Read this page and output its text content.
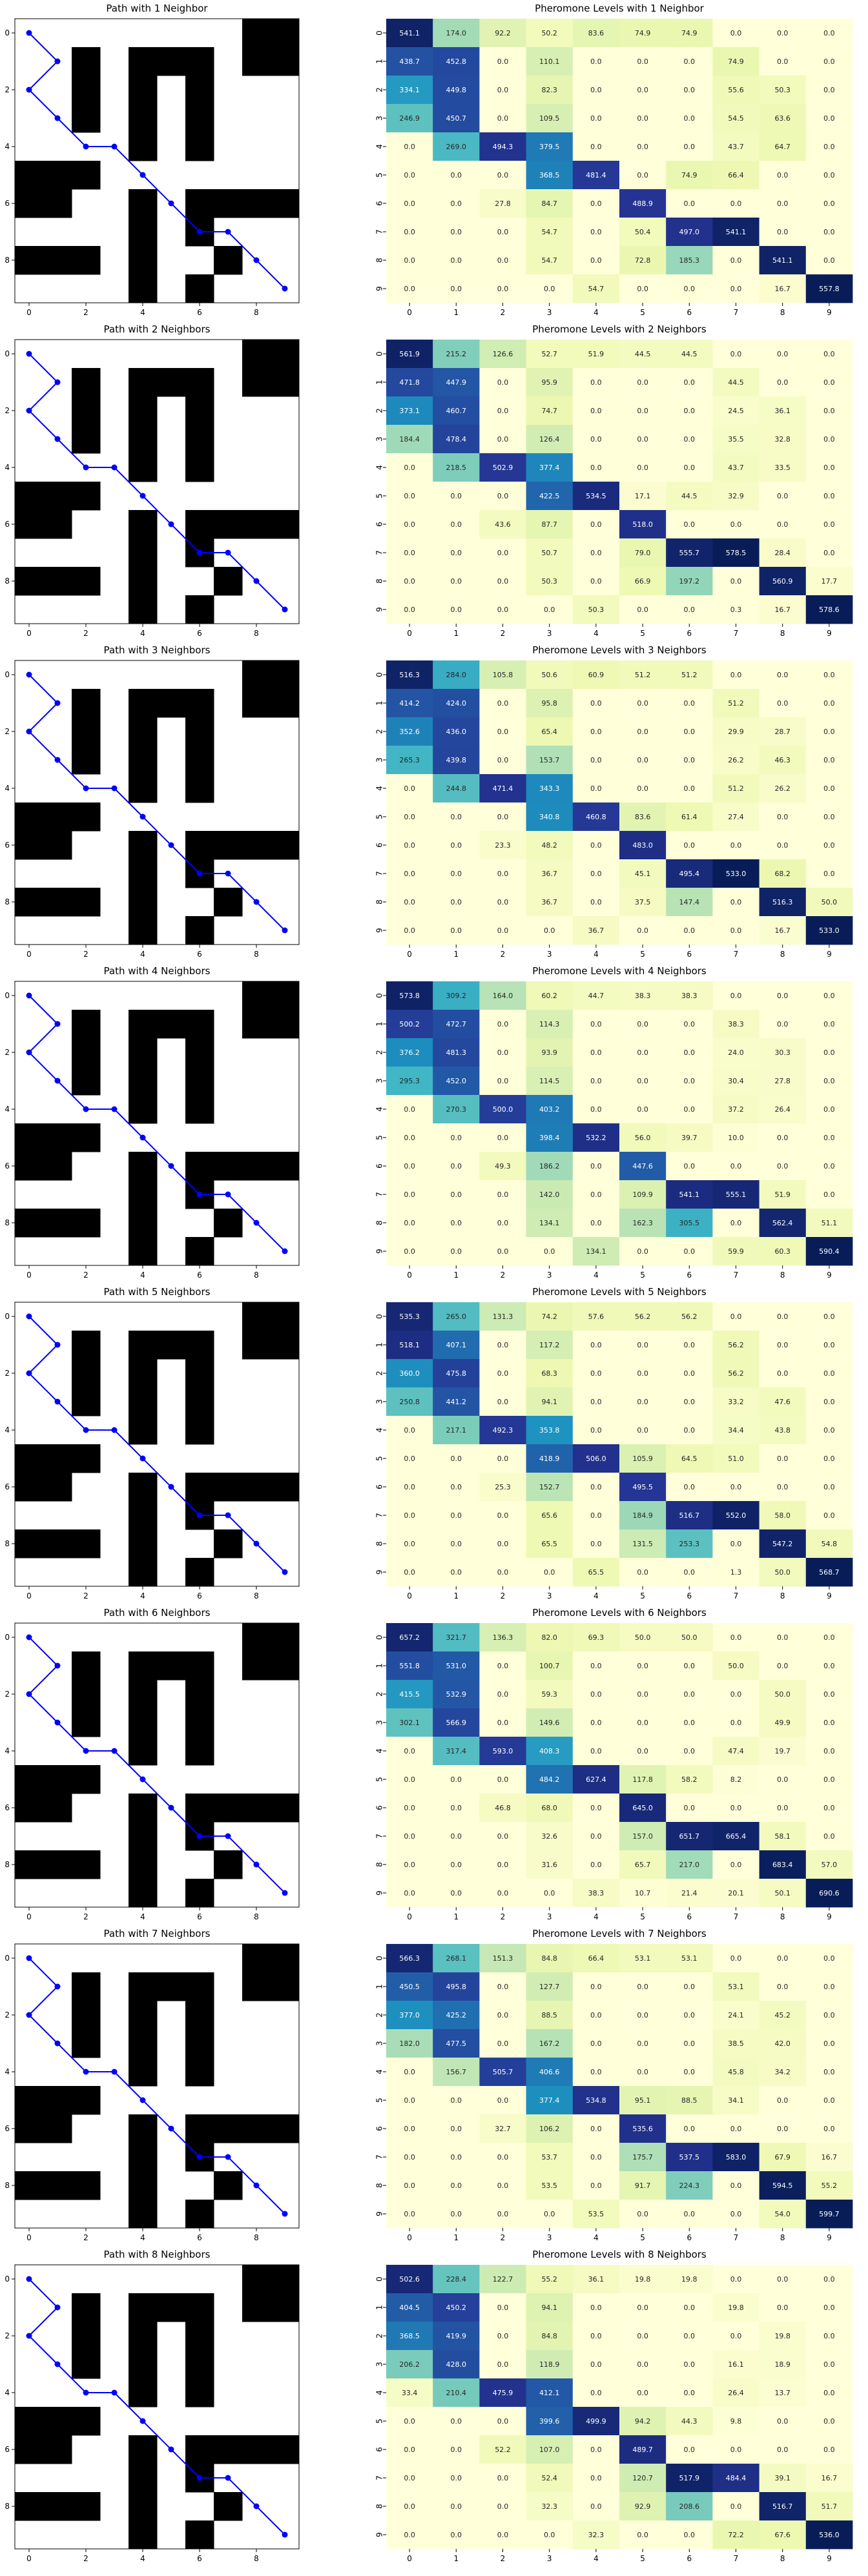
Path with 1 Neighbor
0
0
2
2
4
4
6
6
8
8
Pheromone Levels with 1 Neighbor
541.1	174.0	92.2	50.2	83.6	74.9	74.9	0.0	0.0	0.0
438.7	452.8	0.0	110.1	0.0	0.0	0.0	74.9	0.0	0.0
334.1	449.8	0.0	82.3	0.0	0.0	0.0	55.6	50.3	0.0
246.9	450.7	0.0	109.5	0.0	0.0	0.0	54.5	63.6	0.0
0.0	269.0	494.3	379.5	0.0	0.0	0.0	43.7	64.7	0.0
0.0	0.0	0.0	368.5	481.4	0.0	74.9	66.4	0.0	0.0
0.0	0.0	27.8	84.7	0.0	488.9	0.0	0.0	0.0	0.0
0.0	0.0	0.0	54.7	0.0	50.4	497.0	541.1	0.0	0.0
0.0	0.0	0.0	54.7	0.0	72.8	185.3	0.0	541.1	0.0
0.0	0.0	0.0	0.0	54.7	0.0	0.0	0.0	16.7	557.8
0	1	2	3	4	5	6	7	8	9
0
1
2
3
4
5
6
7
8
9
Path with 2 Neighbors
0
0
2
2
4
4
6
6
8
8
Pheromone Levels with 2 Neighbors
561.9	215.2	126.6	52.7	51.9	44.5	44.5	0.0	0.0	0.0
471.8	447.9	0.0	95.9	0.0	0.0	0.0	44.5	0.0	0.0
373.1	460.7	0.0	74.7	0.0	0.0	0.0	24.5	36.1	0.0
184.4	478.4	0.0	126.4	0.0	0.0	0.0	35.5	32.8	0.0
0.0	218.5	502.9	377.4	0.0	0.0	0.0	43.7	33.5	0.0
0.0	0.0	0.0	422.5	534.5	17.1	44.5	32.9	0.0	0.0
0.0	0.0	43.6	87.7	0.0	518.0	0.0	0.0	0.0	0.0
0.0	0.0	0.0	50.7	0.0	79.0	555.7	578.5	28.4	0.0
0.0	0.0	0.0	50.3	0.0	66.9	197.2	0.0	560.9	17.7
0.0	0.0	0.0	0.0	50.3	0.0	0.0	0.3	16.7	578.6
0	1	2	3	4	5	6	7	8	9
0
1
2
3
4
5
6
7
8
9
Path with 3 Neighbors
0
0
2
2
4
4
6
6
8
8
Pheromone Levels with 3 Neighbors
516.3	284.0	105.8	50.6	60.9	51.2	51.2	0.0	0.0	0.0
414.2	424.0	0.0	95.8	0.0	0.0	0.0	51.2	0.0	0.0
352.6	436.0	0.0	65.4	0.0	0.0	0.0	29.9	28.7	0.0
265.3	439.8	0.0	153.7	0.0	0.0	0.0	26.2	46.3	0.0
0.0	244.8	471.4	343.3	0.0	0.0	0.0	51.2	26.2	0.0
0.0	0.0	0.0	340.8	460.8	83.6	61.4	27.4	0.0	0.0
0.0	0.0	23.3	48.2	0.0	483.0	0.0	0.0	0.0	0.0
0.0	0.0	0.0	36.7	0.0	45.1	495.4	533.0	68.2	0.0
0.0	0.0	0.0	36.7	0.0	37.5	147.4	0.0	516.3	50.0
0.0	0.0	0.0	0.0	36.7	0.0	0.0	0.0	16.7	533.0
0	1	2	3	4	5	6	7	8	9
0
1
2
3
4
5
6
7
8
9
Path with 4 Neighbors
0
0
2
2
4
4
6
6
8
8
Pheromone Levels with 4 Neighbors
573.8	309.2	164.0	60.2	44.7	38.3	38.3	0.0	0.0	0.0
500.2	472.7	0.0	114.3	0.0	0.0	0.0	38.3	0.0	0.0
376.2	481.3	0.0	93.9	0.0	0.0	0.0	24.0	30.3	0.0
295.3	452.0	0.0	114.5	0.0	0.0	0.0	30.4	27.8	0.0
0.0	270.3	500.0	403.2	0.0	0.0	0.0	37.2	26.4	0.0
0.0	0.0	0.0	398.4	532.2	56.0	39.7	10.0	0.0	0.0
0.0	0.0	49.3	186.2	0.0	447.6	0.0	0.0	0.0	0.0
0.0	0.0	0.0	142.0	0.0	109.9	541.1	555.1	51.9	0.0
0.0	0.0	0.0	134.1	0.0	162.3	305.5	0.0	562.4	51.1
0.0	0.0	0.0	0.0	134.1	0.0	0.0	59.9	60.3	590.4
0	1	2	3	4	5	6	7	8	9
0
1
2
3
4
5
6
7
8
9
Path with 5 Neighbors
0
0
2
2
4
4
6
6
8
8
Pheromone Levels with 5 Neighbors
535.3	265.0	131.3	74.2	57.6	56.2	56.2	0.0	0.0	0.0
518.1	407.1	0.0	117.2	0.0	0.0	0.0	56.2	0.0	0.0
360.0	475.8	0.0	68.3	0.0	0.0	0.0	56.2	0.0	0.0
250.8	441.2	0.0	94.1	0.0	0.0	0.0	33.2	47.6	0.0
0.0	217.1	492.3	353.8	0.0	0.0	0.0	34.4	43.8	0.0
0.0	0.0	0.0	418.9	506.0	105.9	64.5	51.0	0.0	0.0
0.0	0.0	25.3	152.7	0.0	495.5	0.0	0.0	0.0	0.0
0.0	0.0	0.0	65.6	0.0	184.9	516.7	552.0	58.0	0.0
0.0	0.0	0.0	65.5	0.0	131.5	253.3	0.0	547.2	54.8
0.0	0.0	0.0	0.0	65.5	0.0	0.0	1.3	50.0	568.7
0	1	2	3	4	5	6	7	8	9
0
1
2
3
4
5
6
7
8
9
Path with 6 Neighbors
0
0
2
2
4
4
6
6
8
8
Pheromone Levels with 6 Neighbors
657.2	321.7	136.3	82.0	69.3	50.0	50.0	0.0	0.0	0.0
551.8	531.0	0.0	100.7	0.0	0.0	0.0	50.0	0.0	0.0
415.5	532.9	0.0	59.3	0.0	0.0	0.0	0.0	50.0	0.0
302.1	566.9	0.0	149.6	0.0	0.0	0.0	0.0	49.9	0.0
0.0	317.4	593.0	408.3	0.0	0.0	0.0	47.4	19.7	0.0
0.0	0.0	0.0	484.2	627.4	117.8	58.2	8.2	0.0	0.0
0.0	0.0	46.8	68.0	0.0	645.0	0.0	0.0	0.0	0.0
0.0	0.0	0.0	32.6	0.0	157.0	651.7	665.4	58.1	0.0
0.0	0.0	0.0	31.6	0.0	65.7	217.0	0.0	683.4	57.0
0.0	0.0	0.0	0.0	38.3	10.7	21.4	20.1	50.1	690.6
0	1	2	3	4	5	6	7	8	9
0
1
2
3
4
5
6
7
8
9
Path with 7 Neighbors
0
0
2
2
4
4
6
6
8
8
Pheromone Levels with 7 Neighbors
566.3	268.1	151.3	84.8	66.4	53.1	53.1	0.0	0.0	0.0
450.5	495.8	0.0	127.7	0.0	0.0	0.0	53.1	0.0	0.0
377.0	425.2	0.0	88.5	0.0	0.0	0.0	24.1	45.2	0.0
182.0	477.5	0.0	167.2	0.0	0.0	0.0	38.5	42.0	0.0
0.0	156.7	505.7	406.6	0.0	0.0	0.0	45.8	34.2	0.0
0.0	0.0	0.0	377.4	534.8	95.1	88.5	34.1	0.0	0.0
0.0	0.0	32.7	106.2	0.0	535.6	0.0	0.0	0.0	0.0
0.0	0.0	0.0	53.7	0.0	175.7	537.5	583.0	67.9	16.7
0.0	0.0	0.0	53.5	0.0	91.7	224.3	0.0	594.5	55.2
0.0	0.0	0.0	0.0	53.5	0.0	0.0	0.0	54.0	599.7
0	1	2	3	4	5	6	7	8	9
0
1
2
3
4
5
6
7
8
9
Path with 8 Neighbors
0
0
2
2
4
4
6
6
8
8
Pheromone Levels with 8 Neighbors
502.6	228.4	122.7	55.2	36.1	19.8	19.8	0.0	0.0	0.0
404.5	450.2	0.0	94.1	0.0	0.0	0.0	19.8	0.0	0.0
368.5	419.9	0.0	84.8	0.0	0.0	0.0	0.0	19.8	0.0
206.2	428.0	0.0	118.9	0.0	0.0	0.0	16.1	18.9	0.0
33.4	210.4	475.9	412.1	0.0	0.0	0.0	26.4	13.7	0.0
0.0	0.0	0.0	399.6	499.9	94.2	44.3	9.8	0.0	0.0
0.0	0.0	52.2	107.0	0.0	489.7	0.0	0.0	0.0	0.0
0.0	0.0	0.0	52.4	0.0	120.7	517.9	484.4	39.1	16.7
0.0	0.0	0.0	32.3	0.0	92.9	208.6	0.0	516.7	51.7
0.0	0.0	0.0	0.0	32.3	0.0	0.0	72.2	67.6	536.0
0	1	2	3	4	5	6	7	8	9
0
1
2
3
4
5
6
7
8
9
